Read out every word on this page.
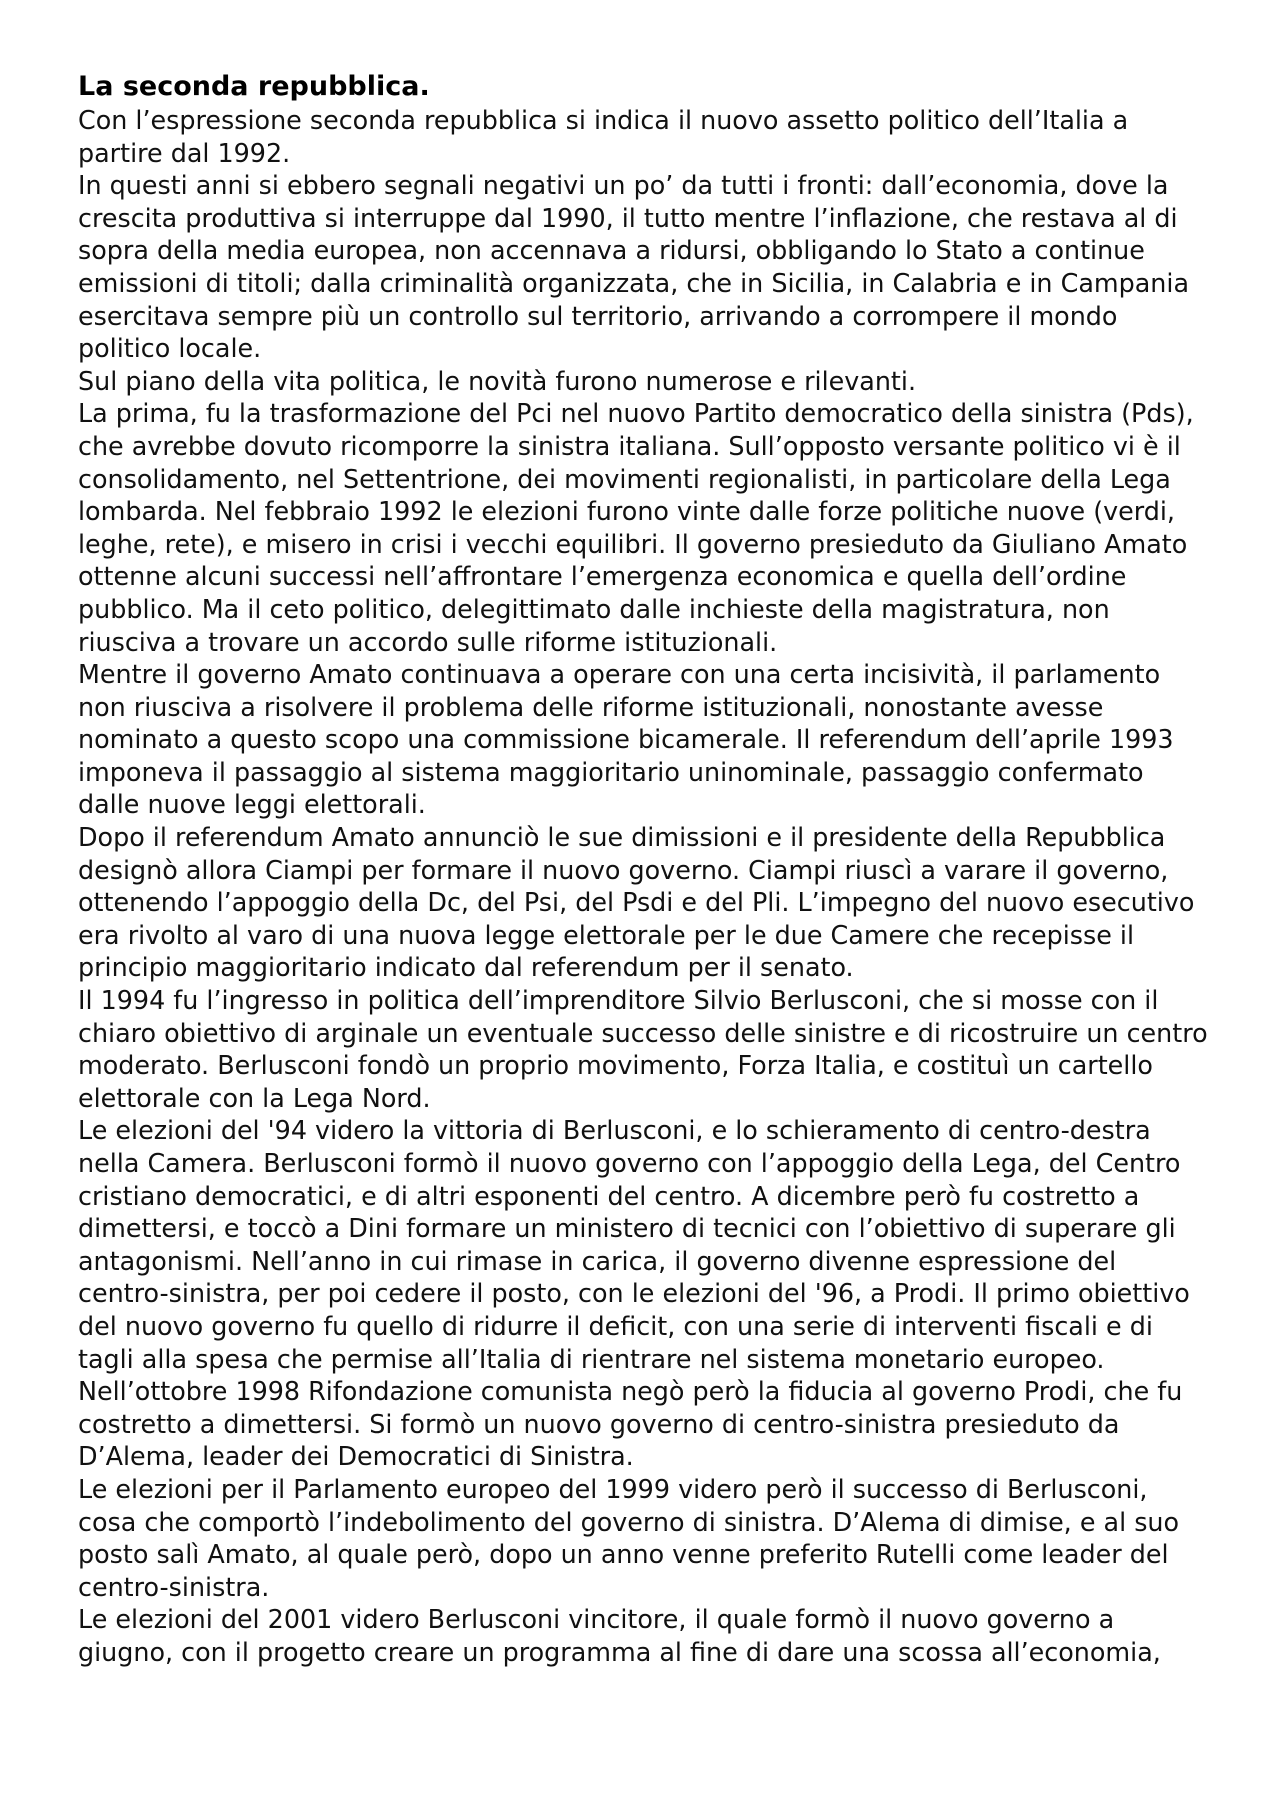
La seconda repubblica.

Con l’espressione seconda repubblica si indica il nuovo assetto politico dell’Italia a partire dal 1992.

In questi anni si ebbero segnali negativi un po’ da tutti i fronti: dall’economia, dove la crescita produttiva si interruppe dal 1990, il tutto mentre l’inflazione, che restava al di sopra della media europea, non accennava a ridursi, obbligando lo Stato a continue emissioni di titoli; dalla criminalità organizzata, che in Sicilia, in Calabria e in Campania esercitava sempre più un controllo sul territorio, arrivando a corrompere il mondo politico locale.

Sul piano della vita politica, le novità furono numerose e rilevanti.

La prima, fu la trasformazione del Pci nel nuovo Partito democratico della sinistra (Pds), che avrebbe dovuto ricomporre la sinistra italiana. Sull’opposto versante politico vi è il consolidamento, nel Settentrione, dei movimenti regionalisti, in particolare della Lega lombarda. Nel febbraio 1992 le elezioni furono vinte dalle forze politiche nuove (verdi, leghe, rete), e misero in crisi i vecchi equilibri. Il governo presieduto da Giuliano Amato ottenne alcuni successi nell’affrontare l’emergenza economica e quella dell’ordine pubblico. Ma il ceto politico, delegittimato dalle inchieste della magistratura, non riusciva a trovare un accordo sulle riforme istituzionali.

Mentre il governo Amato continuava a operare con una certa incisività, il parlamento non riusciva a risolvere il problema delle riforme istituzionali, nonostante avesse nominato a questo scopo una commissione bicamerale. Il referendum dell’aprile 1993 imponeva il passaggio al sistema maggioritario uninominale, passaggio confermato dalle nuove leggi elettorali.

Dopo il referendum Amato annunciò le sue dimissioni e il presidente della Repubblica designò allora Ciampi per formare il nuovo governo. Ciampi riuscì a varare il governo, ottenendo l’appoggio della Dc, del Psi, del Psdi e del Pli. L’impegno del nuovo esecutivo era rivolto al varo di una nuova legge elettorale per le due Camere che recepisse il principio maggioritario indicato dal referendum per il senato.

Il 1994 fu l’ingresso in politica dell’imprenditore Silvio Berlusconi, che si mosse con il chiaro obiettivo di arginale un eventuale successo delle sinistre e di ricostruire un centro moderato. Berlusconi fondò un proprio movimento, Forza Italia, e costituì un cartello elettorale con la Lega Nord.

Le elezioni del '94 videro la vittoria di Berlusconi, e lo schieramento di centro-destra nella Camera. Berlusconi formò il nuovo governo con l’appoggio della Lega, del Centro cristiano democratici, e di altri esponenti del centro. A dicembre però fu costretto a dimettersi, e toccò a Dini formare un ministero di tecnici con l’obiettivo di superare gli antagonismi. Nell’anno in cui rimase in carica, il governo divenne espressione del centro-sinistra, per poi cedere il posto, con le elezioni del '96, a Prodi. Il primo obiettivo del nuovo governo fu quello di ridurre il deficit, con una serie di interventi fiscali e di tagli alla spesa che permise all’Italia di rientrare nel sistema monetario europeo. Nell’ottobre 1998 Rifondazione comunista negò però la fiducia al governo Prodi, che fu costretto a dimettersi. Si formò un nuovo governo di centro-sinistra presieduto da D’Alema, leader dei Democratici di Sinistra.

Le elezioni per il Parlamento europeo del 1999 videro però il successo di Berlusconi, cosa che comportò l’indebolimento del governo di sinistra. D’Alema di dimise, e al suo posto salì Amato, al quale però, dopo un anno venne preferito Rutelli come leader del centro-sinistra.

Le elezioni del 2001 videro Berlusconi vincitore, il quale formò il nuovo governo a giugno, con il progetto creare un programma al fine di dare una scossa all’economia,
